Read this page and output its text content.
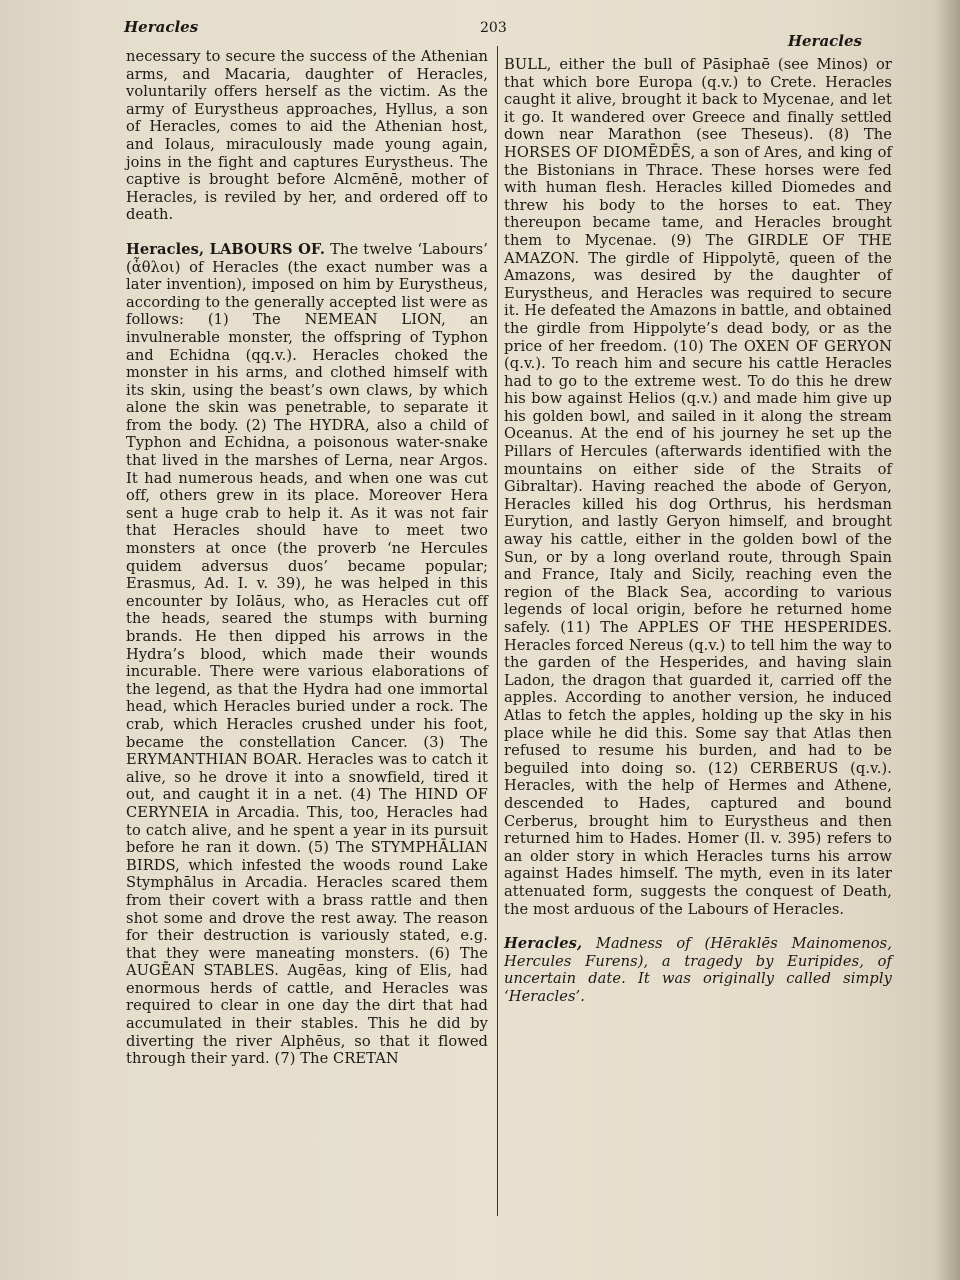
Heracles	203
Heracles

necessary to secure the success of the Athenian arms, and Macaria, daughter of Heracles, voluntarily offers herself as the victim. As the army of Eurystheus approaches, Hyllus, a son of Heracles, comes to aid the Athenian host, and Iolaus, miraculously made young again, joins in the fight and captures Eurystheus. The captive is brought before Alcmēnē, mother of Heracles, is reviled by her, and ordered off to death.

Heracles, LABOURS OF. The twelve ‘Labours’ (ἆθλοι) of Heracles (the exact number was a later invention), imposed on him by Eurystheus, according to the generally accepted list were as follows: (1) The NEMEAN LION, an invulnerable monster, the offspring of Typhon and Echidna (qq.v.). Heracles choked the monster in his arms, and clothed himself with its skin, using the beast’s own claws, by which alone the skin was penetrable, to separate it from the body. (2) The HYDRA, also a child of Typhon and Echidna, a poisonous water-snake that lived in the marshes of Lerna, near Argos. It had numerous heads, and when one was cut off, others grew in its place. Moreover Hera sent a huge crab to help it. As it was not fair that Heracles should have to meet two monsters at once (the proverb ‘ne Hercules quidem adversus duos’ became popular; Erasmus, Ad. I. v. 39), he was helped in this encounter by Iolāus, who, as Heracles cut off the heads, seared the stumps with burning brands. He then dipped his arrows in the Hydra’s blood, which made their wounds incurable. There were various elaborations of the legend, as that the Hydra had one immortal head, which Heracles buried under a rock. The crab, which Heracles crushed under his foot, became the constellation Cancer. (3) The ERYMANTHIAN BOAR. Heracles was to catch it alive, so he drove it into a snowfield, tired it out, and caught it in a net. (4) The HIND OF CERYNEIA in Arcadia. This, too, Heracles had to catch alive, and he spent a year in its pursuit before he ran it down. (5) The STYMPHĀLIAN BIRDS, which infested the woods round Lake Stymphālus in Arcadia. Heracles scared them from their covert with a brass rattle and then shot some and drove the rest away. The reason for their destruction is variously stated, e.g. that they were maneating monsters. (6) The AUGĒAN STABLES. Augēas, king of Elis, had enormous herds of cattle, and Heracles was required to clear in one day the dirt that had accumulated in their stables. This he did by diverting the river Alphēus, so that it flowed through their yard. (7) The CRETAN

BULL, either the bull of Pāsiphaē (see Minos) or that which bore Europa (q.v.) to Crete. Heracles caught it alive, brought it back to Mycenae, and let it go. It wandered over Greece and finally settled down near Marathon (see Theseus). (8) The HORSES OF DIOMĒDĒS, a son of Ares, and king of the Bistonians in Thrace. These horses were fed with human flesh. Heracles killed Diomedes and threw his body to the horses to eat. They thereupon became tame, and Heracles brought them to Mycenae. (9) The GIRDLE OF THE AMAZON. The girdle of Hippolytē, queen of the Amazons, was desired by the daughter of Eurystheus, and Heracles was required to secure it. He defeated the Amazons in battle, and obtained the girdle from Hippolyte’s dead body, or as the price of her freedom. (10) The OXEN OF GERYON (q.v.). To reach him and secure his cattle Heracles had to go to the extreme west. To do this he drew his bow against Helios (q.v.) and made him give up his golden bowl, and sailed in it along the stream Oceanus. At the end of his journey he set up the Pillars of Hercules (afterwards identified with the mountains on either side of the Straits of Gibraltar). Having reached the abode of Geryon, Heracles killed his dog Orthrus, his herdsman Eurytion, and lastly Geryon himself, and brought away his cattle, either in the golden bowl of the Sun, or by a long overland route, through Spain and France, Italy and Sicily, reaching even the region of the Black Sea, according to various legends of local origin, before he returned home safely. (11) The APPLES OF THE HESPERIDES. Heracles forced Nereus (q.v.) to tell him the way to the garden of the Hesperides, and having slain Ladon, the dragon that guarded it, carried off the apples. According to another version, he induced Atlas to fetch the apples, holding up the sky in his place while he did this. Some say that Atlas then refused to resume his burden, and had to be beguiled into doing so. (12) CERBERUS (q.v.). Heracles, with the help of Hermes and Athene, descended to Hades, captured and bound Cerberus, brought him to Eurystheus and then returned him to Hades. Homer (Il. v. 395) refers to an older story in which Heracles turns his arrow against Hades himself. The myth, even in its later attenuated form, suggests the conquest of Death, the most arduous of the Labours of Heracles.

Heracles, Madness of (Hēraklēs Mainomenos, Hercules Furens), a tragedy by Euripides, of uncertain date. It was originally called simply ‘Heracles’.
